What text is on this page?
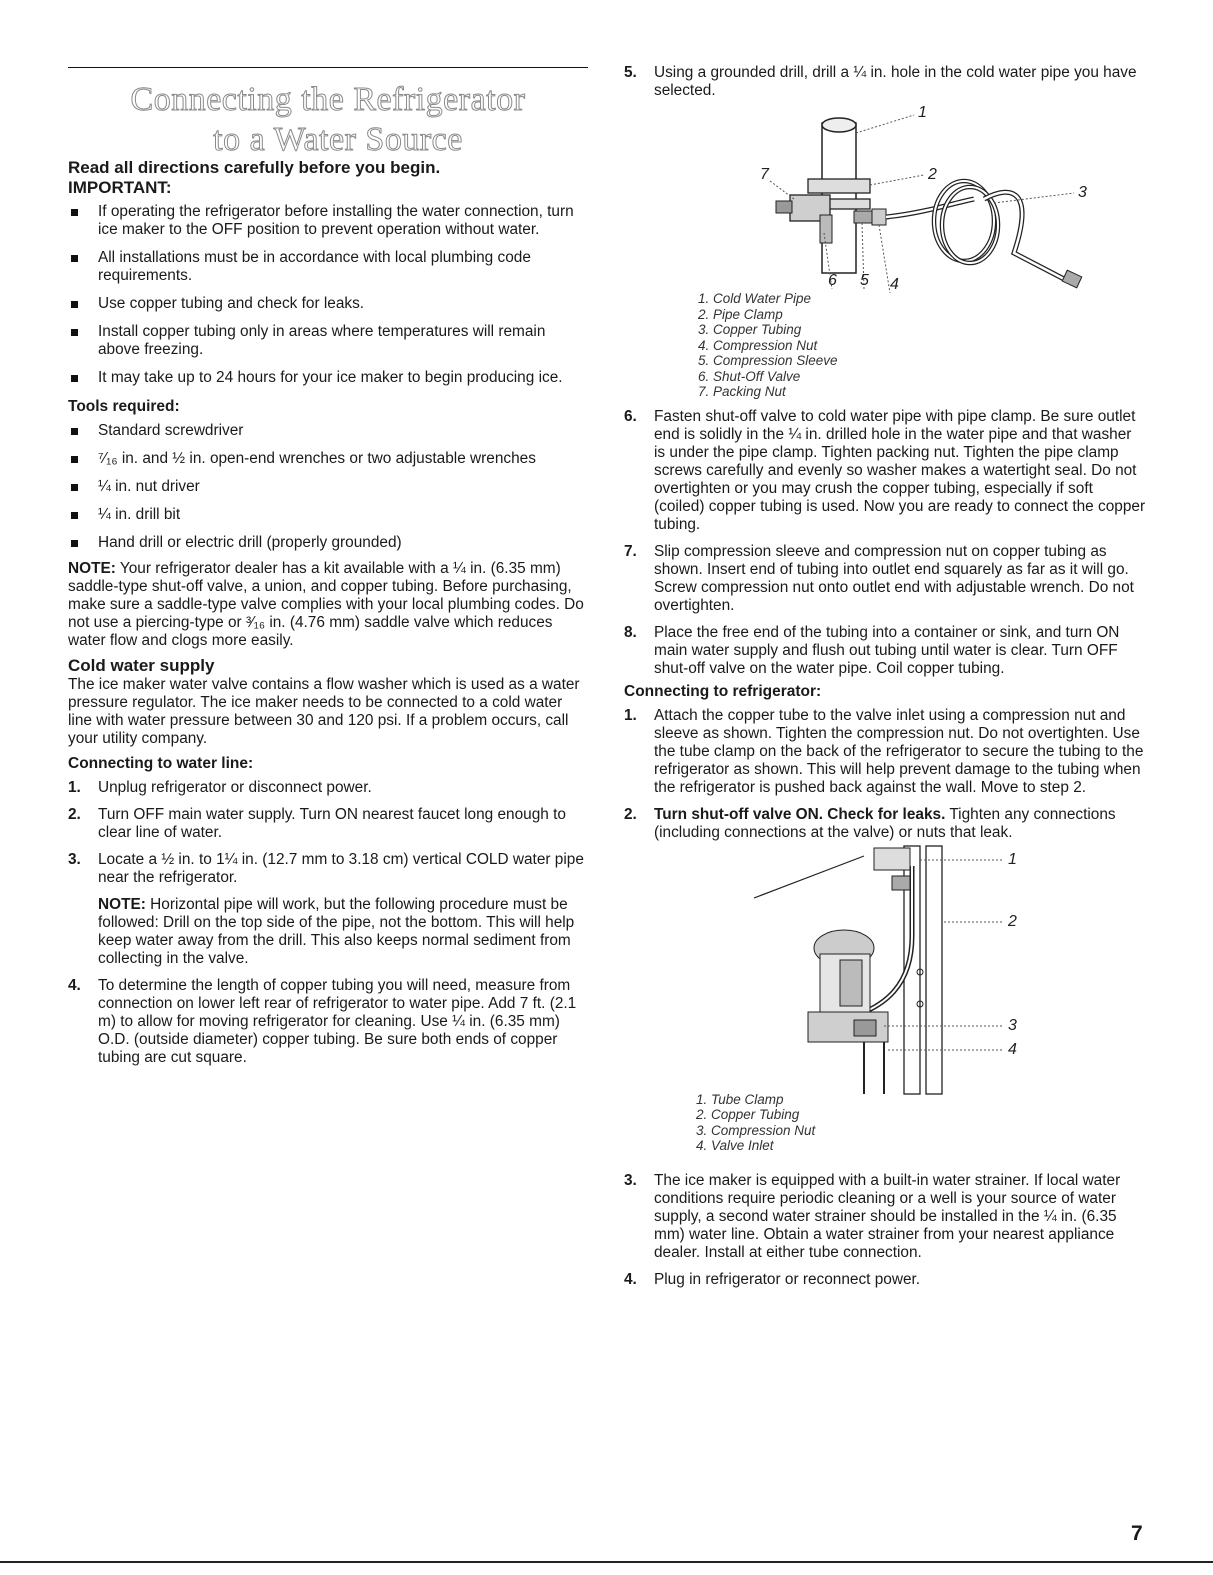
Connecting the Refrigerator
to a Water Source

Read all directions carefully before you begin.

IMPORTANT:

If operating the refrigerator before installing the water connection, turn ice maker to the OFF position to prevent operation without water.
All installations must be in accordance with local plumbing code requirements.
Use copper tubing and check for leaks.
Install copper tubing only in areas where temperatures will remain above freezing.
It may take up to 24 hours for your ice maker to begin producing ice.

Tools required:

Standard screwdriver
⁷⁄₁₆ in. and ½ in. open-end wrenches or two adjustable wrenches
¼ in. nut driver
¼ in. drill bit
Hand drill or electric drill (properly grounded)

NOTE: Your refrigerator dealer has a kit available with a ¼ in. (6.35 mm) saddle-type shut-off valve, a union, and copper tubing. Before purchasing, make sure a saddle-type valve complies with your local plumbing codes. Do not use a piercing-type or ³⁄₁₆ in. (4.76 mm) saddle valve which reduces water flow and clogs more easily.

Cold water supply

The ice maker water valve contains a flow washer which is used as a water pressure regulator. The ice maker needs to be connected to a cold water line with water pressure between 30 and 120 psi. If a problem occurs, call your utility company.

Connecting to water line:

1. Unplug refrigerator or disconnect power.
2. Turn OFF main water supply. Turn ON nearest faucet long enough to clear line of water.
3. Locate a ½ in. to 1¼ in. (12.7 mm to 3.18 cm) vertical COLD water pipe near the refrigerator.

NOTE: Horizontal pipe will work, but the following procedure must be followed: Drill on the top side of the pipe, not the bottom. This will help keep water away from the drill. This also keeps normal sediment from collecting in the valve.

4. To determine the length of copper tubing you will need, measure from connection on lower left rear of refrigerator to water pipe. Add 7 ft. (2.1 m) to allow for moving refrigerator for cleaning. Use ¼ in. (6.35 mm) O.D. (outside diameter) copper tubing. Be sure both ends of copper tubing are cut square.
5. Using a grounded drill, drill a ¼ in. hole in the cold water pipe you have selected.
1
2
3
4
5
6
7
1. Cold Water Pipe
2. Pipe Clamp
3. Copper Tubing
4. Compression Nut
5. Compression Sleeve
6. Shut-Off Valve
7. Packing Nut
6. Fasten shut-off valve to cold water pipe with pipe clamp. Be sure outlet end is solidly in the ¼ in. drilled hole in the water pipe and that washer is under the pipe clamp. Tighten packing nut. Tighten the pipe clamp screws carefully and evenly so washer makes a watertight seal. Do not overtighten or you may crush the copper tubing, especially if soft (coiled) copper tubing is used. Now you are ready to connect the copper tubing.
7. Slip compression sleeve and compression nut on copper tubing as shown. Insert end of tubing into outlet end squarely as far as it will go. Screw compression nut onto outlet end with adjustable wrench. Do not overtighten.
8. Place the free end of the tubing into a container or sink, and turn ON main water supply and flush out tubing until water is clear. Turn OFF shut-off valve on the water pipe. Coil copper tubing.

Connecting to refrigerator:

1. Attach the copper tube to the valve inlet using a compression nut and sleeve as shown. Tighten the compression nut. Do not overtighten. Use the tube clamp on the back of the refrigerator to secure the tubing to the refrigerator as shown. This will help prevent damage to the tubing when the refrigerator is pushed back against the wall. Move to step 2.
2. Turn shut-off valve ON. Check for leaks. Tighten any connections (including connections at the valve) or nuts that leak.
1
2
3
4
1. Tube Clamp
2. Copper Tubing
3. Compression Nut
4. Valve Inlet
3. The ice maker is equipped with a built-in water strainer. If local water conditions require periodic cleaning or a well is your source of water supply, a second water strainer should be installed in the ¼ in. (6.35 mm) water line. Obtain a water strainer from your nearest appliance dealer. Install at either tube connection.
4. Plug in refrigerator or reconnect power.
7
